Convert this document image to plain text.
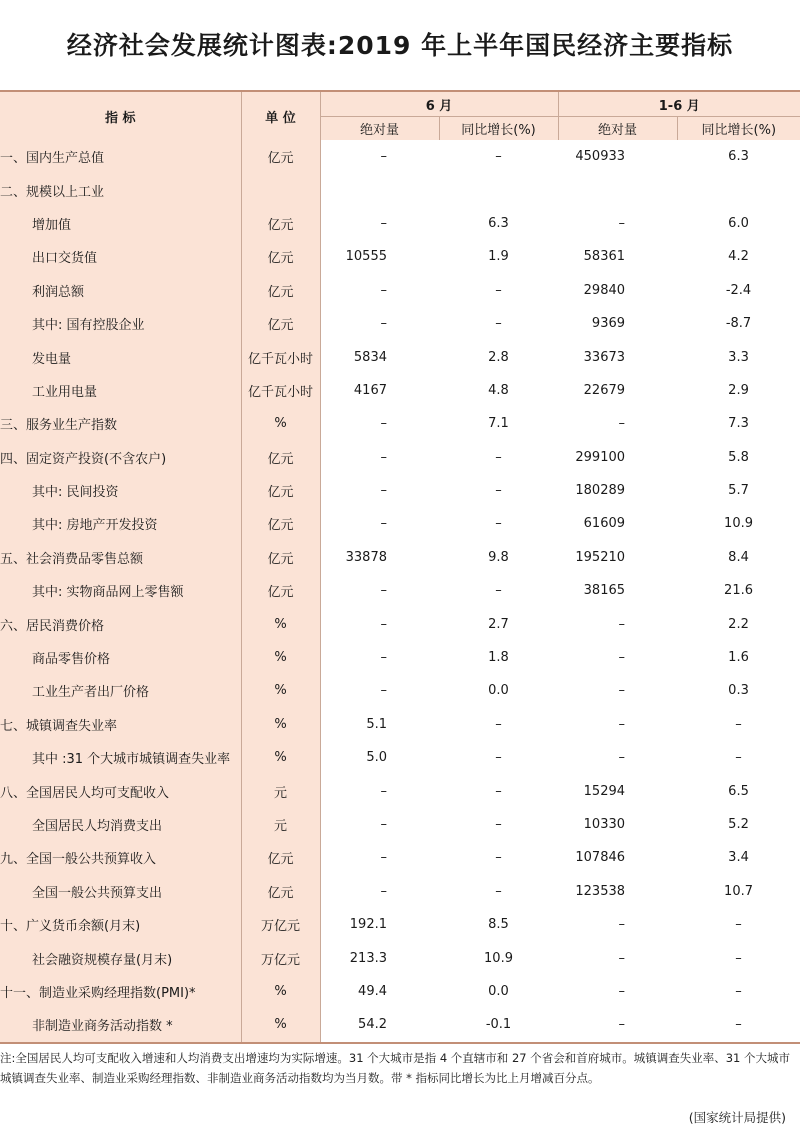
经济社会发展统计图表:2019 年上半年国民经济主要指标
指 标	单 位	6 月		1-6 月	
		绝对量	同比增长(%)	绝对量	同比增长(%)
一、国内生产总值	亿元	–	–	450933	6.3
二、规模以上工业					
增加值	亿元	–	6.3	–	6.0
出口交货值	亿元	10555	1.9	58361	4.2
利润总额	亿元	–	–	29840	-2.4
其中: 国有控股企业	亿元	–	–	9369	-8.7
发电量	亿千瓦小时	5834	2.8	33673	3.3
工业用电量	亿千瓦小时	4167	4.8	22679	2.9
三、服务业生产指数	%	–	7.1	–	7.3
四、固定资产投资(不含农户)	亿元	–	–	299100	5.8
其中: 民间投资	亿元	–	–	180289	5.7
其中: 房地产开发投资	亿元	–	–	61609	10.9
五、社会消费品零售总额	亿元	33878	9.8	195210	8.4
其中: 实物商品网上零售额	亿元	–	–	38165	21.6
六、居民消费价格	%	–	2.7	–	2.2
商品零售价格	%	–	1.8	–	1.6
工业生产者出厂价格	%	–	0.0	–	0.3
七、城镇调查失业率	%	5.1	–	–	–
其中 :31 个大城市城镇调查失业率	%	5.0	–	–	–
八、全国居民人均可支配收入	元	–	–	15294	6.5
全国居民人均消费支出	元	–	–	10330	5.2
九、全国一般公共预算收入	亿元	–	–	107846	3.4
全国一般公共预算支出	亿元	–	–	123538	10.7
十、广义货币余额(月末)	万亿元	192.1	8.5	–	–
社会融资规模存量(月末)	万亿元	213.3	10.9	–	–
十一、制造业采购经理指数(PMI)*	%	49.4	0.0	–	–
非制造业商务活动指数 *	%	54.2	-0.1	–	–
注:全国居民人均可支配收入增速和人均消费支出增速均为实际增速。31 个大城市是指 4 个直辖市和 27 个省会和首府城市。城镇调查失业率、31 个大城市城镇调查失业率、制造业采购经理指数、非制造业商务活动指数均为当月数。带 * 指标同比增长为比上月增减百分点。
(国家统计局提供)
